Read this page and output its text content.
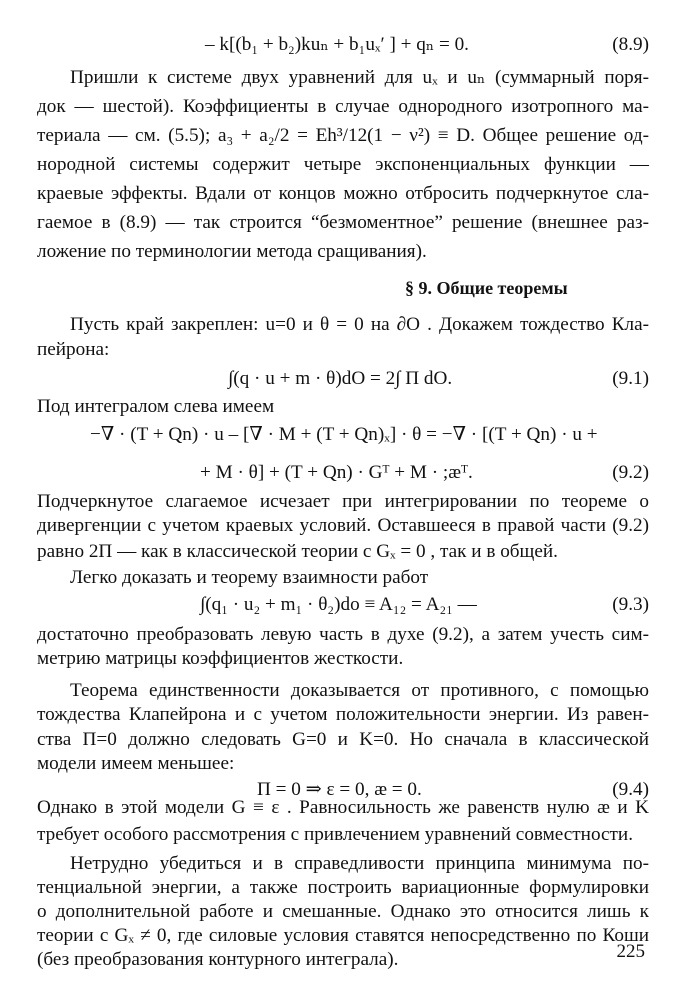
– k[(b₁ + b₂)kuₙ + b₁uₓ′ ] + qₙ = 0.	(8.9)
Пришли к системе двух уравнений для uₓ и uₙ (суммарный поря-
док — шестой). Коэффициенты в случае однородного изотропного ма-
териала — см. (5.5); a₃ + a₂/2 = Eh³/12(1 − ν²) ≡ D. Общее решение од-
нородной системы содержит четыре экспоненциальных функции —
краевые эффекты. Вдали от концов можно отбросить подчеркнутое сла-
гаемое в (8.9) — так строится “безмоментное” решение (внешнее раз-
ложение по терминологии метода сращивания).
§ 9. Общие теоремы
Пусть край закреплен: u=0 и θ = 0 на ∂O . Докажем тождество Кла-
пейрона:
∫(q · u + m · θ)dO = 2∫ Π dO.	(9.1)
Под интегралом слева имеем
−∇ · (T + Qn) · u – [∇ · M + (T + Qn)ₓ] · θ = −∇ · [(T + Qn) · u +
+ M · θ] + (T + Qn) · Gᵀ + M · ;æᵀ.	(9.2)
Подчеркнутое слагаемое исчезает при интегрировании по теореме о
дивергенции с учетом краевых условий. Оставшееся в правой части (9.2)
равно 2Π — как в классической теории с Gₓ = 0 , так и в общей.
Легко доказать и теорему взаимности работ
∫(q₁ · u₂ + m₁ · θ₂)do ≡ A₁₂ = A₂₁ —	(9.3)
достаточно преобразовать левую часть в духе (9.2), а затем учесть сим-
метрию матрицы коэффициентов жесткости.
Теорема единственности доказывается от противного, с помощью
тождества Клапейрона и с учетом положительности энергии. Из равен-
ства Π=0 должно следовать G=0 и K=0. Но сначала в классической
модели имеем меньшее:
Π = 0 ⇒ ε = 0, æ = 0.	(9.4)
Однако в этой модели G ≡ ε . Равносильность же равенств нулю æ и K
требует особого рассмотрения с привлечением уравнений совместности.
Нетрудно убедиться и в справедливости принципа минимума по-
тенциальной энергии, а также построить вариационные формулировки
о дополнительной работе и смешанные. Однако это относится лишь к
теории с Gₓ ≠ 0, где силовые условия ставятся непосредственно по Коши
(без преобразования контурного интеграла).	225
